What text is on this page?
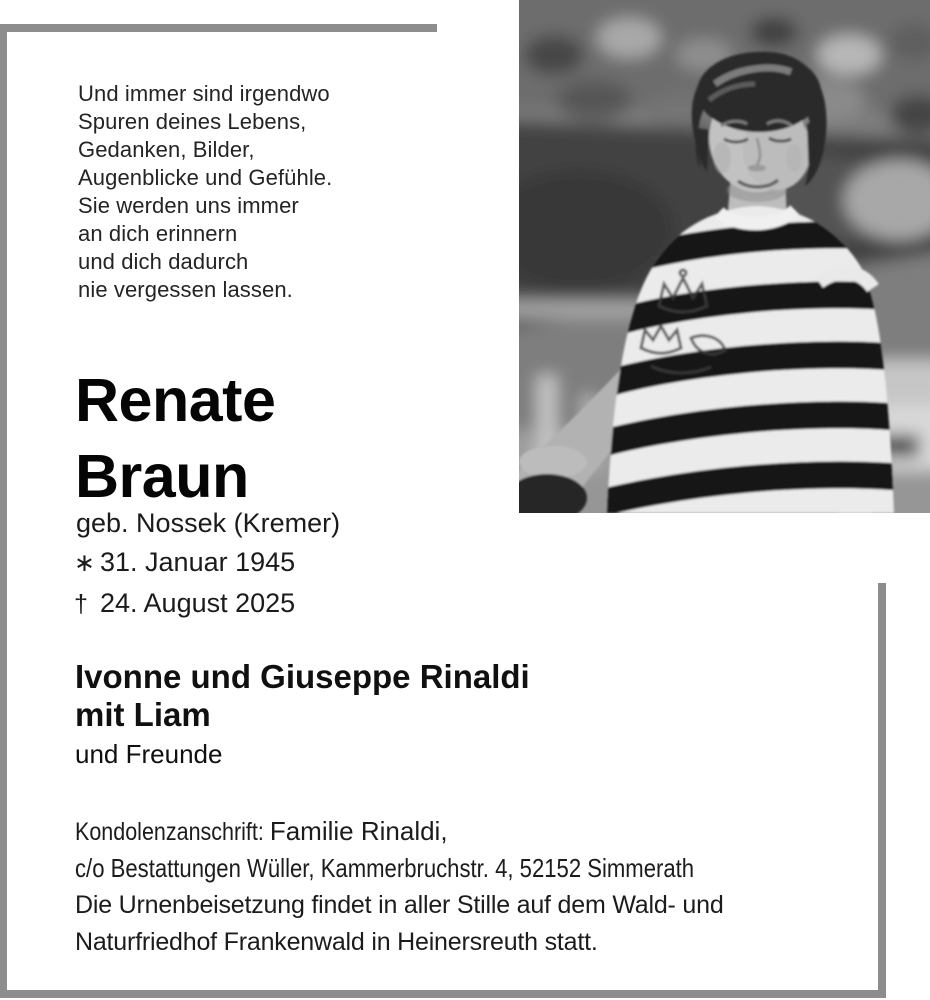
Und immer sind irgendwo
Spuren deines Lebens,
Gedanken, Bilder,
Augenblicke und Gefühle.
Sie werden uns immer
an dich erinnern
und dich dadurch
nie vergessen lassen.
Renate
Braun
geb. Nossek (Kremer)
∗ 31. Januar 1945
† 24. August 2025
Ivonne und Giuseppe Rinaldi
mit Liam
und Freunde
Kondolenzanschrift: Familie Rinaldi,
c/o Bestattungen Wüller, Kammerbruchstr. 4, 52152 Simmerath
Die Urnenbeisetzung findet in aller Stille auf dem Wald- und
Naturfriedhof Frankenwald in Heinersreuth statt.
